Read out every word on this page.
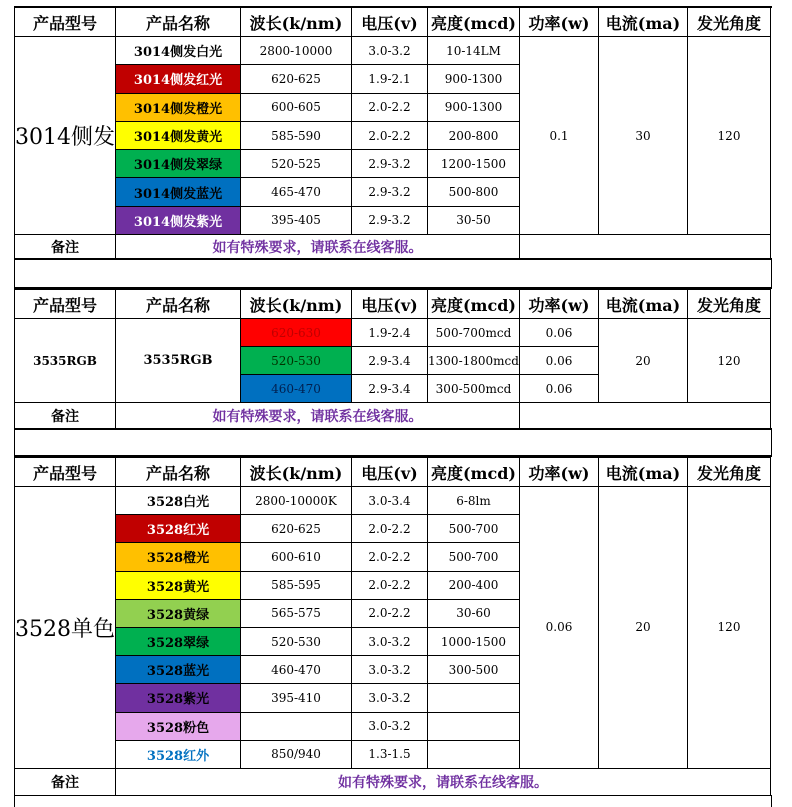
产品型号	产品名称	波长(k/nm)	电压(v)	亮度(mcd)	功率(w)	电流(ma)	发光角度
3014侧发	3014侧发白光	2800-10000	3.0-3.2	10-14LM	0.1	30	120
	3014侧发红光	620-625	1.9-2.1	900-1300			
	3014侧发橙光	600-605	2.0-2.2	900-1300			
	3014侧发黄光	585-590	2.0-2.2	200-800			
	3014侧发翠绿	520-525	2.9-3.2	1200-1500			
	3014侧发蓝光	465-470	2.9-3.2	500-800			
	3014侧发紫光	395-405	2.9-3.2	30-50			
备注	如有特殊要求，请联系在线客服。						
产品型号	产品名称	波长(k/nm)	电压(v)	亮度(mcd)	功率(w)	电流(ma)	发光角度
3535RGB	3535RGB	620-630	1.9-2.4	500-700mcd	0.06	20	120
		520-530	2.9-3.4	1300-1800mcd	0.06		
		460-470	2.9-3.4	300-500mcd	0.06		
备注	如有特殊要求，请联系在线客服。						
产品型号	产品名称	波长(k/nm)	电压(v)	亮度(mcd)	功率(w)	电流(ma)	发光角度
3528单色	3528白光	2800-10000K	3.0-3.4	6-8lm	0.06	20	120
	3528红光	620-625	2.0-2.2	500-700			
	3528橙光	600-610	2.0-2.2	500-700			
	3528黄光	585-595	2.0-2.2	200-400			
	3528黄绿	565-575	2.0-2.2	30-60			
	3528翠绿	520-530	3.0-3.2	1000-1500			
	3528蓝光	460-470	3.0-3.2	300-500			
	3528紫光	395-410	3.0-3.2				
	3528粉色		3.0-3.2				
	3528红外	850/940	1.3-1.5				
备注	如有特殊要求，请联系在线客服。						
